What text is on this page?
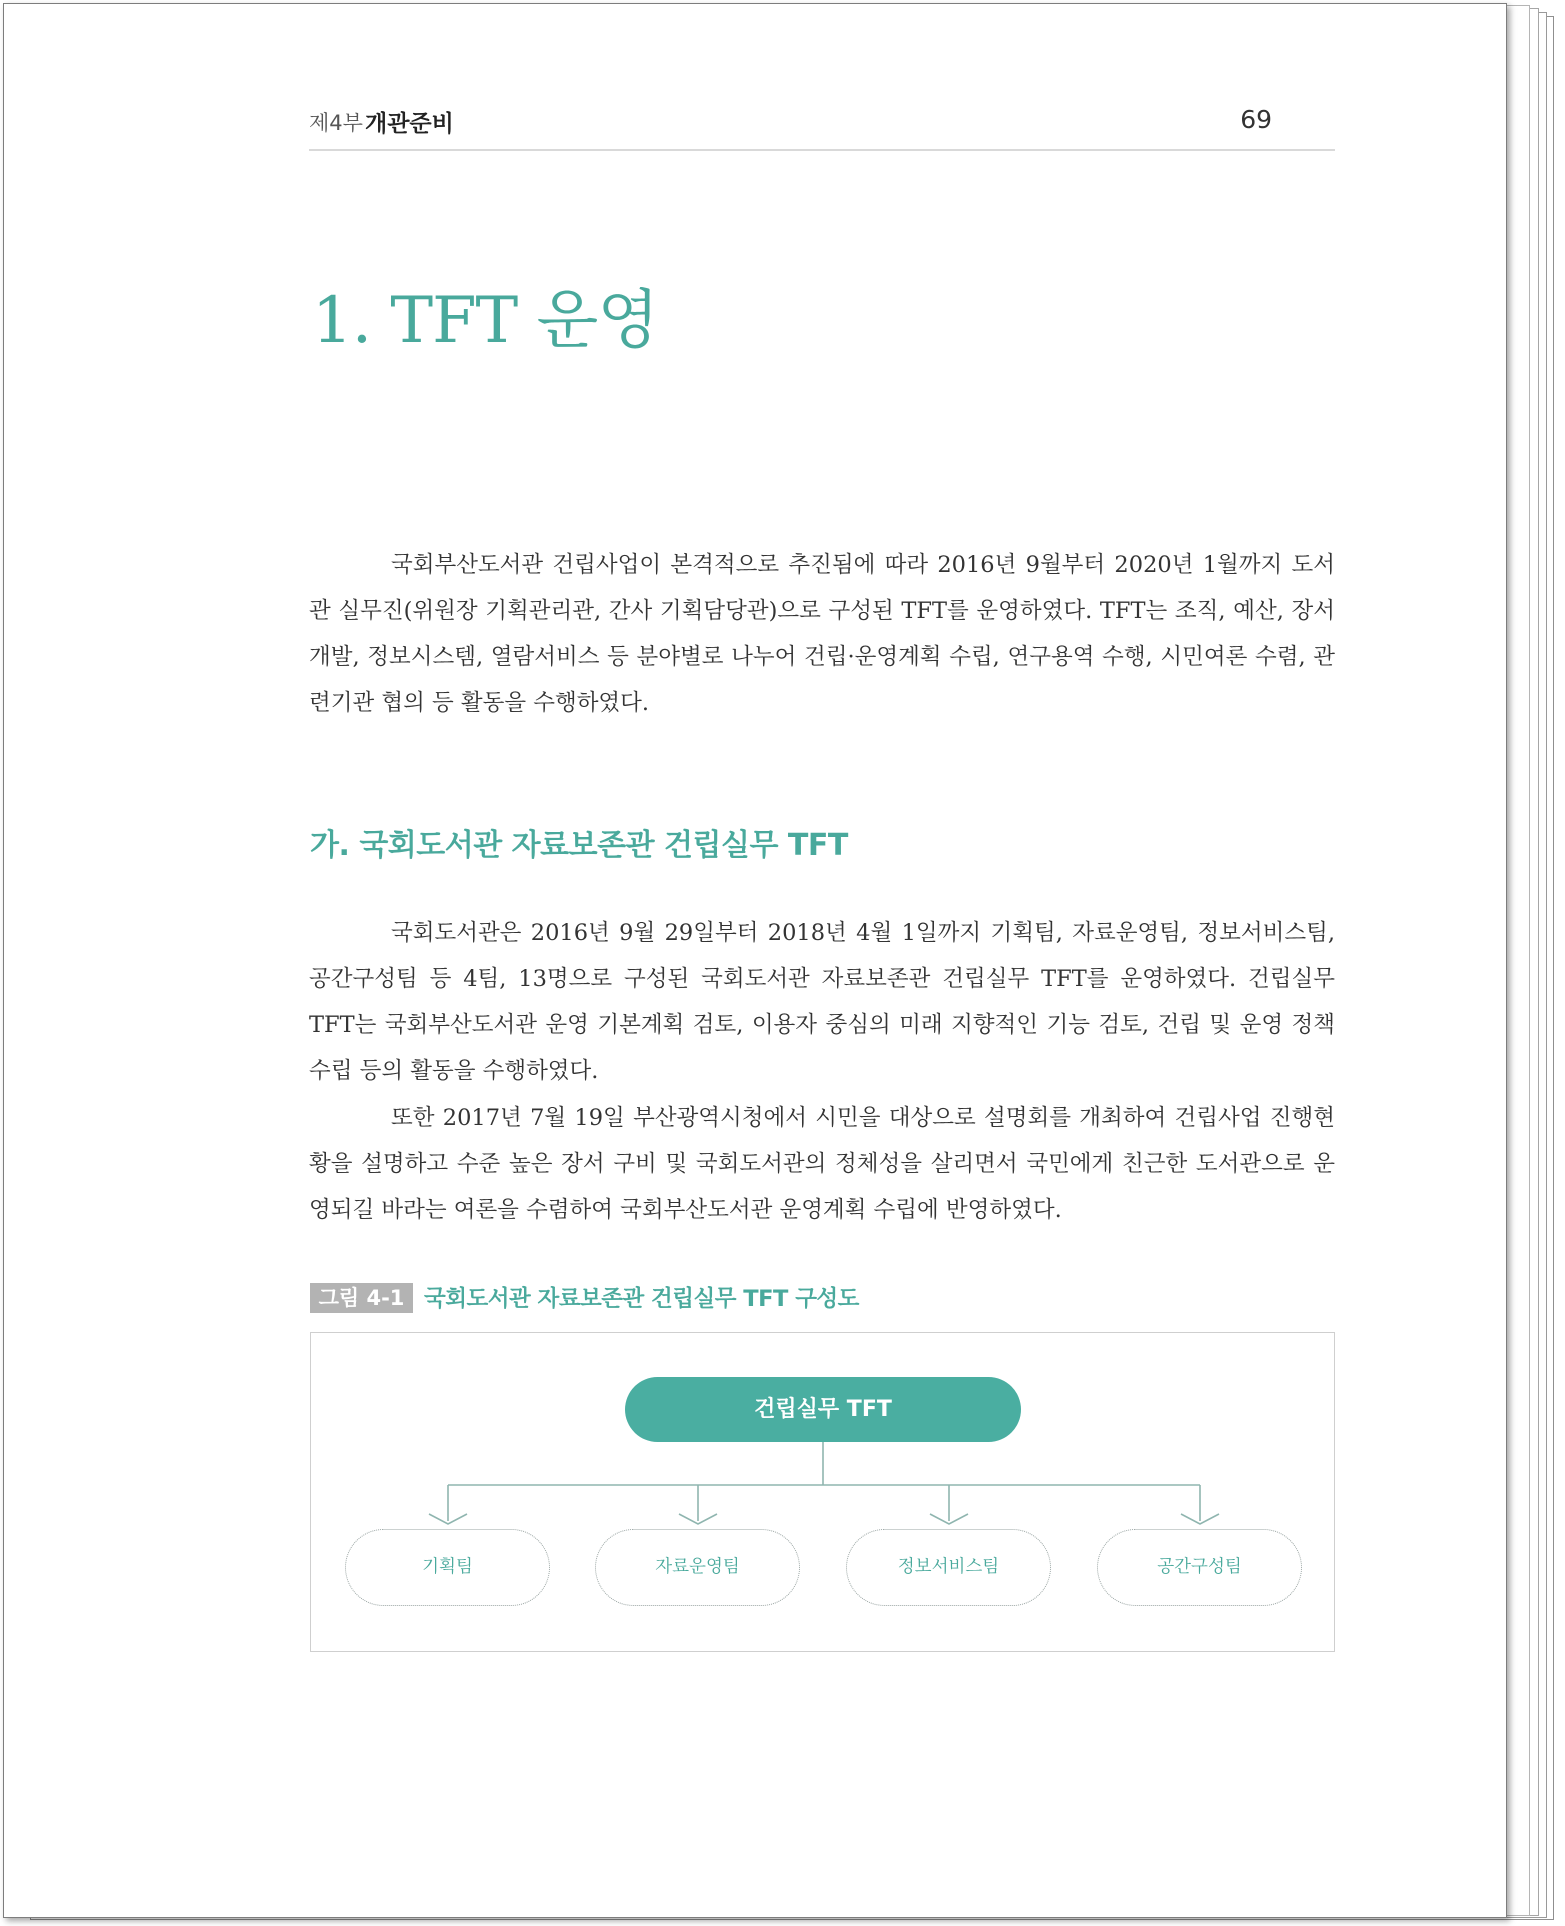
제4부 개관준비	69
1. TFT 운영

국회부산도서관 건립사업이 본격적으로 추진됨에 따라 2016년 9월부터 2020년 1월까지 도서관 실무진(위원장 기획관리관, 간사 기획담당관)으로 구성된 TFT를 운영하였다. TFT는 조직, 예산, 장서개발, 정보시스템, 열람서비스 등 분야별로 나누어 건립·운영계획 수립, 연구용역 수행, 시민여론 수렴, 관련기관 협의 등 활동을 수행하였다.

가. 국회도서관 자료보존관 건립실무 TFT

국회도서관은 2016년 9월 29일부터 2018년 4월 1일까지 기획팀, 자료운영팀, 정보서비스팀, 공간구성팀 등 4팀, 13명으로 구성된 국회도서관 자료보존관 건립실무 TFT를 운영하였다. 건립실무 TFT는 국회부산도서관 운영 기본계획 검토, 이용자 중심의 미래 지향적인 기능 검토, 건립 및 운영 정책 수립 등의 활동을 수행하였다.

또한 2017년 7월 19일 부산광역시청에서 시민을 대상으로 설명회를 개최하여 건립사업 진행현황을 설명하고 수준 높은 장서 구비 및 국회도서관의 정체성을 살리면서 국민에게 친근한 도서관으로 운영되길 바라는 여론을 수렴하여 국회부산도서관 운영계획 수립에 반영하였다.

그림 4-1 국회도서관 자료보존관 건립실무 TFT 구성도
건립실무 TFT
기획팀	자료운영팀	정보서비스팀	공간구성팀
